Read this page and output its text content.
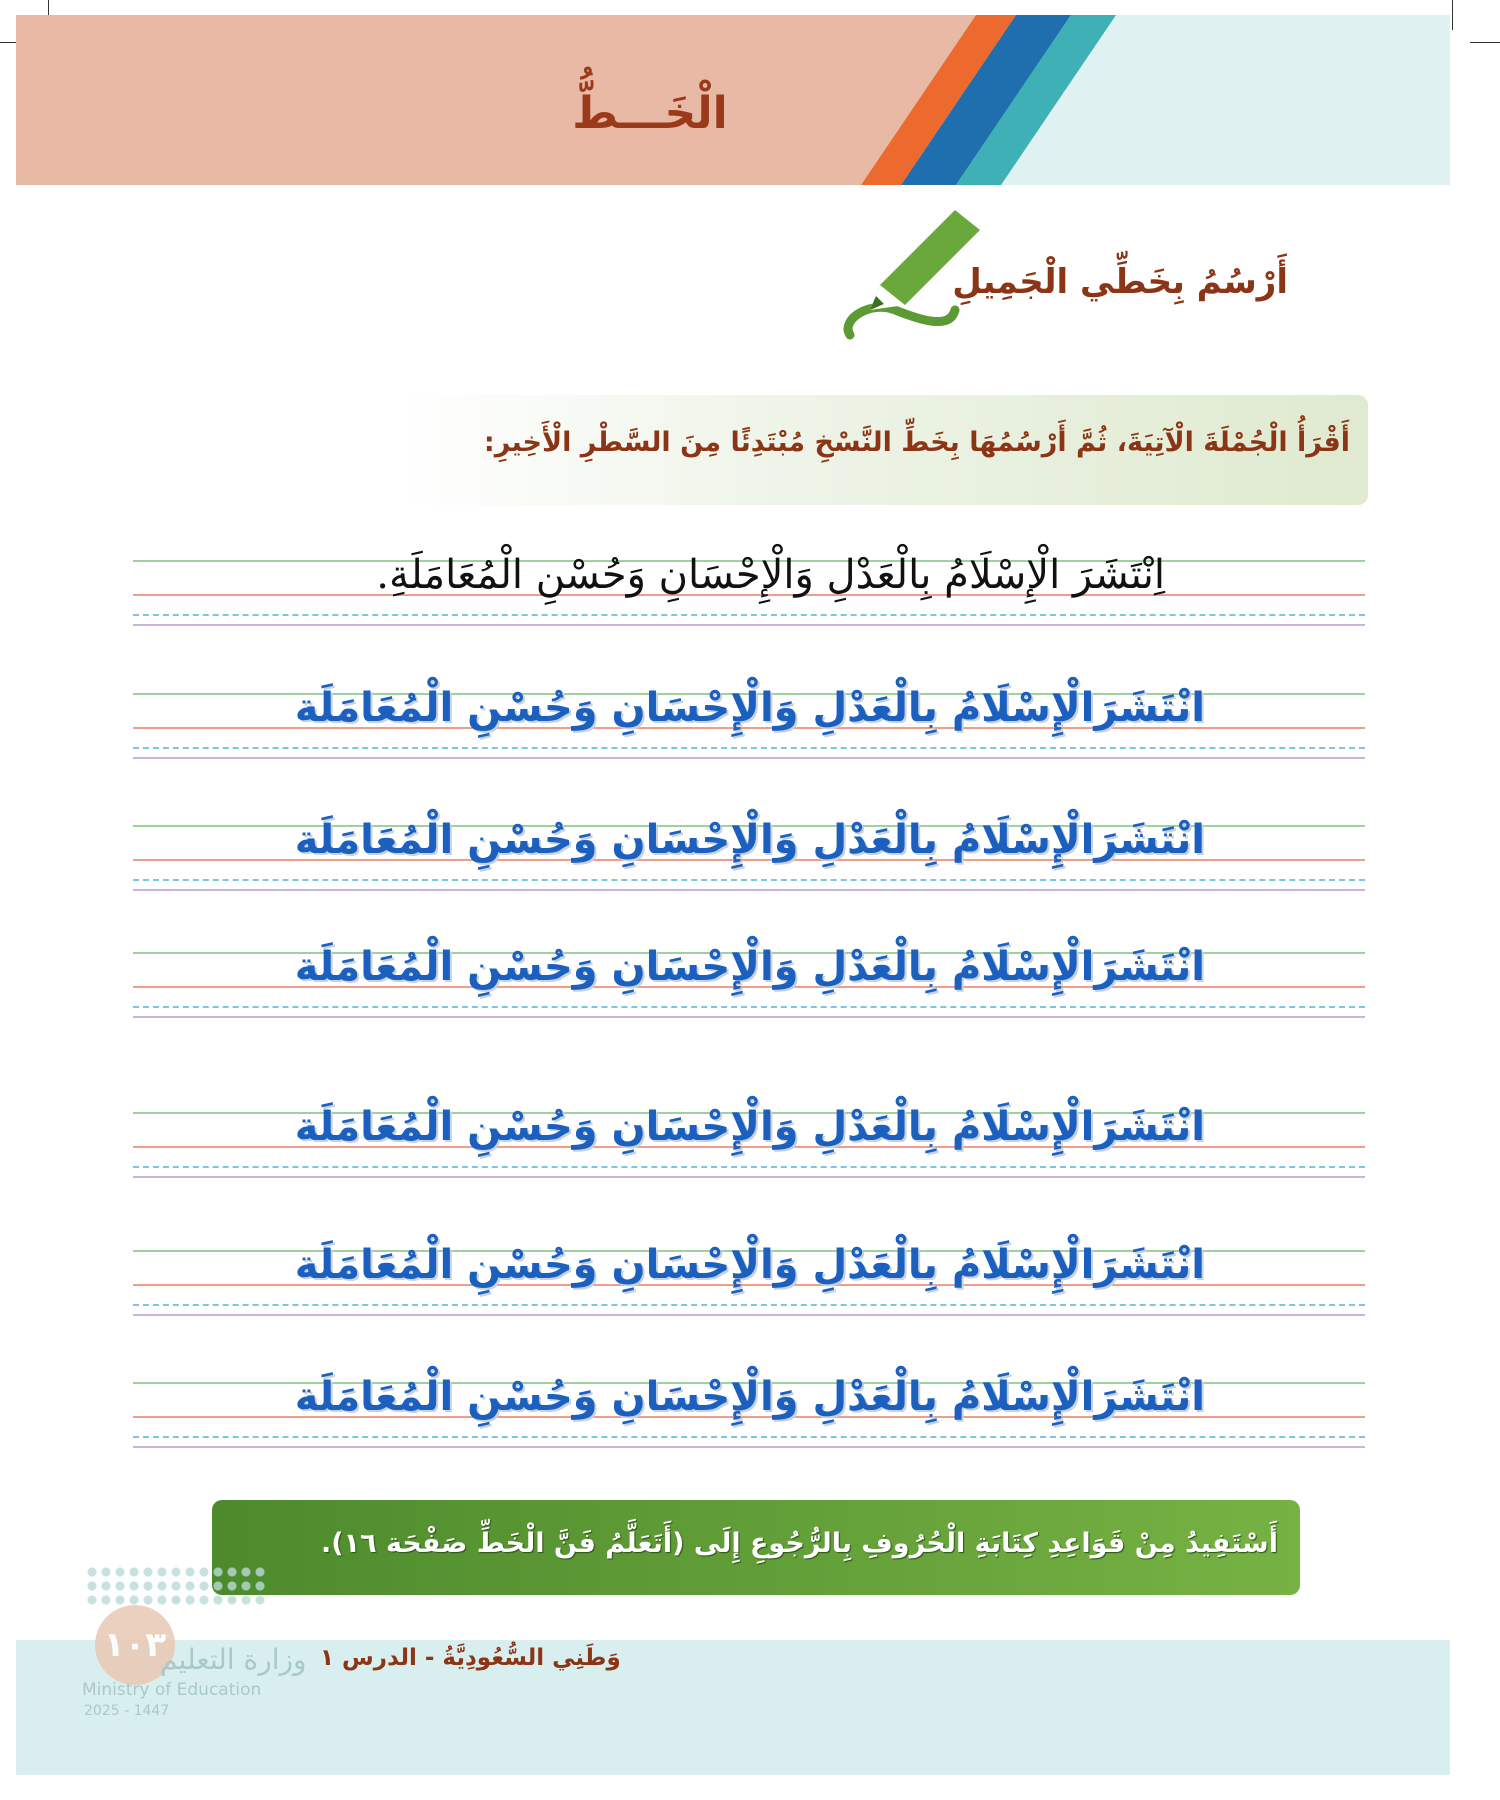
الْخَـــطُّ
أَرْسُمُ بِخَطِّي الْجَمِيلِ
أَقْرَأُ الْجُمْلَةَ الْآتِيَةَ، ثُمَّ أَرْسُمُهَا بِخَطِّ النَّسْخِ مُبْتَدِئًا مِنَ السَّطْرِ الْأَخِيرِ:
اِنْتَشَرَ الْإِسْلَامُ بِالْعَدْلِ وَالْإِحْسَانِ وَحُسْنِ الْمُعَامَلَةِ.
انْتَشَرَالْإِسْلَامُ بِالْعَدْلِ وَالْإِحْسَانِ وَحُسْنِ الْمُعَامَلَة
انْتَشَرَالْإِسْلَامُ بِالْعَدْلِ وَالْإِحْسَانِ وَحُسْنِ الْمُعَامَلَة
انْتَشَرَالْإِسْلَامُ بِالْعَدْلِ وَالْإِحْسَانِ وَحُسْنِ الْمُعَامَلَة
انْتَشَرَالْإِسْلَامُ بِالْعَدْلِ وَالْإِحْسَانِ وَحُسْنِ الْمُعَامَلَة
انْتَشَرَالْإِسْلَامُ بِالْعَدْلِ وَالْإِحْسَانِ وَحُسْنِ الْمُعَامَلَة
انْتَشَرَالْإِسْلَامُ بِالْعَدْلِ وَالْإِحْسَانِ وَحُسْنِ الْمُعَامَلَة
أَسْتَفِيدُ مِنْ قَوَاعِدِ كِتَابَةِ الْحُرُوفِ بِالرُّجُوعِ إِلَى (أَتَعَلَّمُ فَنَّ الْخَطِّ صَفْحَة ١٦).
وَطَنِي السُّعُودِيَّةُ - الدرس ١
١٠٣
وزارة التعليم
Ministry of Education
2025 - 1447
